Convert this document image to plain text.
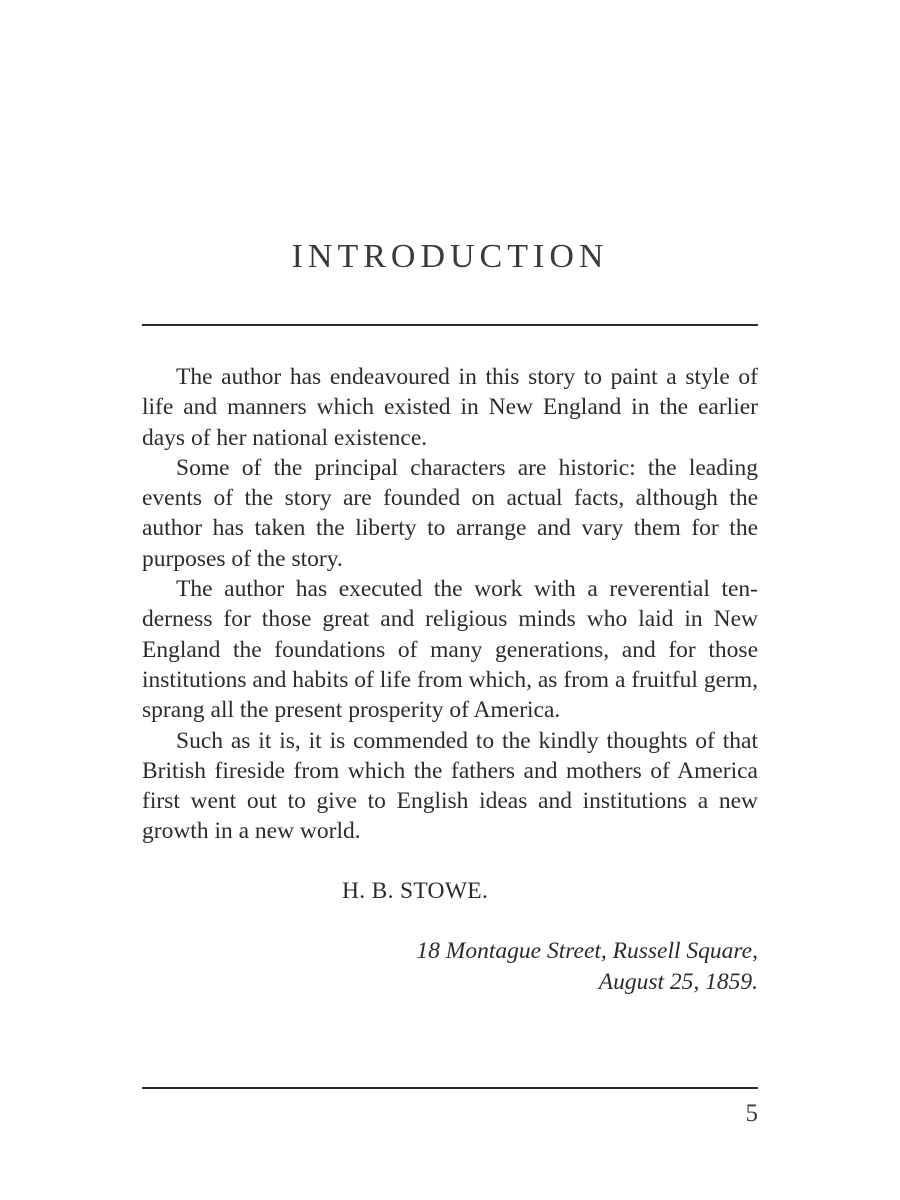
INTRODUCTION

The author has endeavoured in this story to paint a style of life and manners which existed in New England in the earlier days of her national existence.

Some of the principal characters are historic: the leading events of the story are founded on actual facts, although the author has taken the liberty to arrange and vary them for the purposes of the story.

The author has executed the work with a reverential tenderness for those great and religious minds who laid in New England the foundations of many generations, and for those institutions and habits of life from which, as from a fruitful germ, sprang all the present prosperity of America.

Such as it is, it is commended to the kindly thoughts of that British fireside from which the fathers and mothers of America first went out to give to English ideas and institutions a new growth in a new world.

H. B. STOWE.

18 Montague Street, Russell Square,
August 25, 1859.
5
